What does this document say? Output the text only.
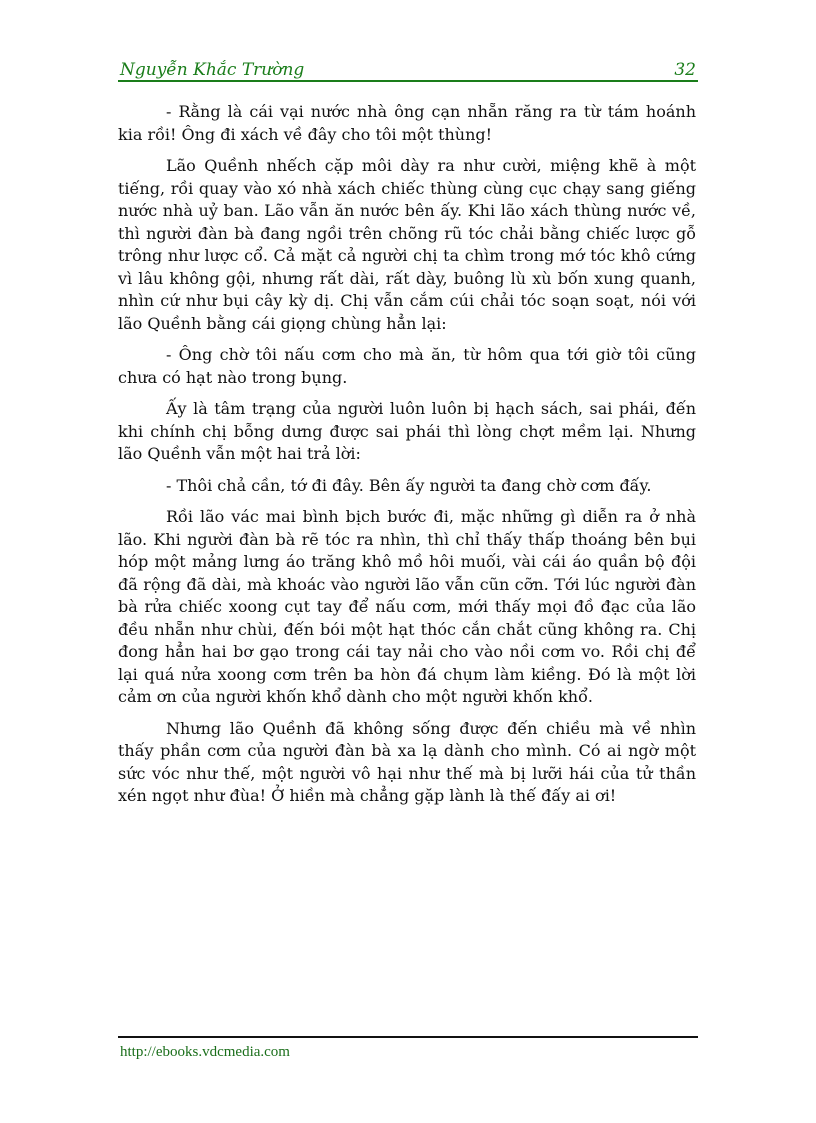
Nguyễn Khắc Trường	32

- Rằng là cái vại nước nhà ông cạn nhẵn răng ra từ tám hoánh kia rồi! Ông đi xách về đây cho tôi một thùng!

Lão Quềnh nhếch cặp môi dày ra như cười, miệng khẽ à một tiếng, rồi quay vào xó nhà xách chiếc thùng cùng cục chạy sang giếng nước nhà uỷ ban. Lão vẫn ăn nước bên ấy. Khi lão xách thùng nước về, thì người đàn bà đang ngồi trên chõng rũ tóc chải bằng chiếc lược gỗ trông như lược cổ. Cả mặt cả người chị ta chìm trong mớ tóc khô cứng vì lâu không gội, nhưng rất dài, rất dày, buông lù xù bốn xung quanh, nhìn cứ như bụi cây kỳ dị. Chị vẫn cắm cúi chải tóc soạn soạt, nói với lão Quềnh bằng cái giọng chùng hẳn lại:

- Ông chờ tôi nấu cơm cho mà ăn, từ hôm qua tới giờ tôi cũng chưa có hạt nào trong bụng.

Ấy là tâm trạng của người luôn luôn bị hạch sách, sai phái, đến khi chính chị bỗng dưng được sai phái thì lòng chợt mềm lại. Nhưng lão Quềnh vẫn một hai trả lời:

- Thôi chả cần, tớ đi đây. Bên ấy người ta đang chờ cơm đấy.

Rồi lão vác mai bình bịch bước đi, mặc những gì diễn ra ở nhà lão. Khi người đàn bà rẽ tóc ra nhìn, thì chỉ thấy thấp thoáng bên bụi hóp một mảng lưng áo trăng khô mồ hôi muối, vài cái áo quần bộ đội đã rộng đã dài, mà khoác vào người lão vẫn cũn cỡn. Tới lúc người đàn bà rửa chiếc xoong cụt tay để nấu cơm, mới thấy mọi đồ đạc của lão đều nhẵn như chùi, đến bói một hạt thóc cắn chắt cũng không ra. Chị đong hẳn hai bơ gạo trong cái tay nải cho vào nồi cơm vo. Rồi chị để lại quá nửa xoong cơm trên ba hòn đá chụm làm kiềng. Đó là một lời cảm ơn của người khốn khổ dành cho một người khốn khổ.

Nhưng lão Quềnh đã không sống được đến chiều mà về nhìn thấy phần cơm của người đàn bà xa lạ dành cho mình. Có ai ngờ một sức vóc như thế, một người vô hại như thế mà bị lưỡi hái của tử thần xén ngọt như đùa! Ở hiền mà chẳng gặp lành là thế đấy ai ơi!

http://ebooks.vdcmedia.com
